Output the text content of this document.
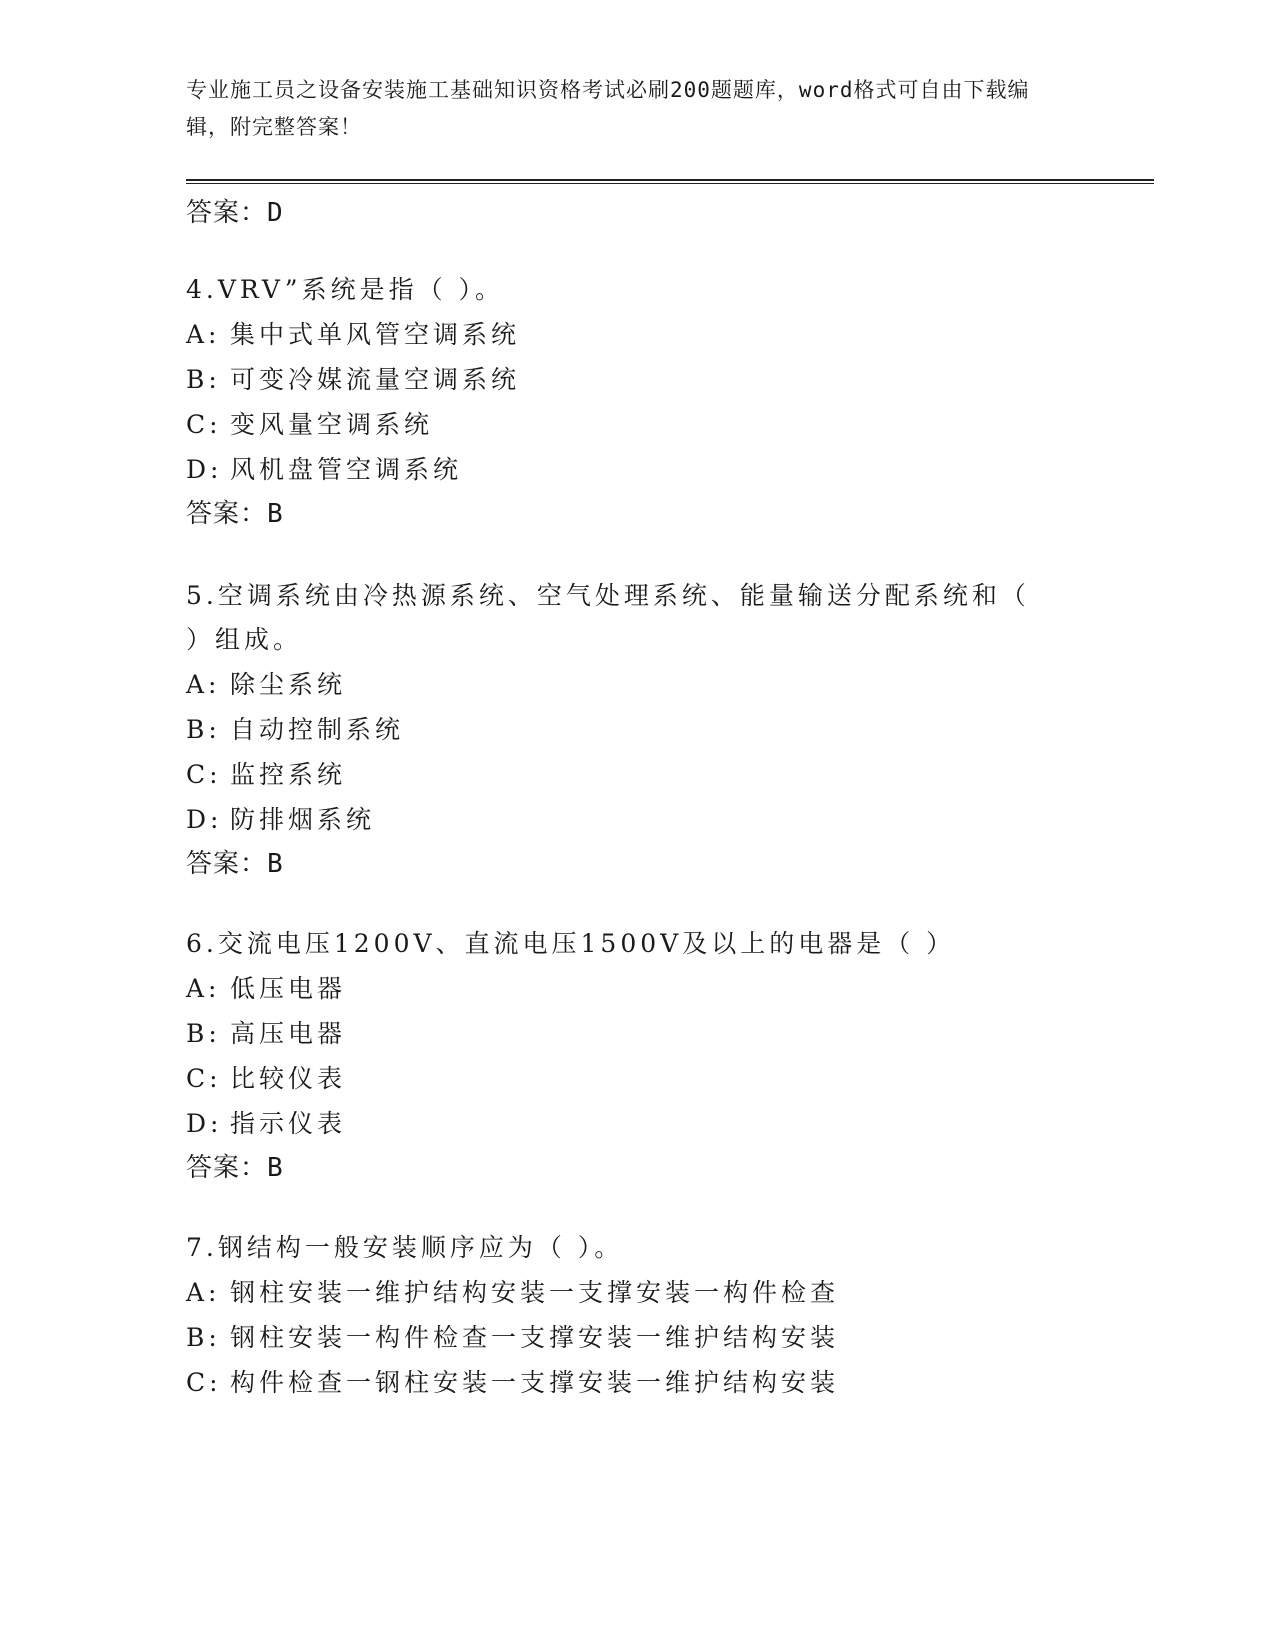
专业施工员之设备安装施工基础知识资格考试必刷200题题库，word格式可自由下载编辑，附完整答案！
答案：D
4.VRV”系统是指（ ）。
A: 集中式单风管空调系统
B: 可变冷媒流量空调系统
C: 变风量空调系统
D: 风机盘管空调系统
答案：B
5.空调系统由冷热源系统、空气处理系统、能量输送分配系统和（ ）组成。
A: 除尘系统
B: 自动控制系统
C: 监控系统
D: 防排烟系统
答案：B
6.交流电压1200V、直流电压1500V及以上的电器是（ ）
A: 低压电器
B: 高压电器
C: 比较仪表
D: 指示仪表
答案：B
7.钢结构一般安装顺序应为（ ）。
A: 钢柱安装一维护结构安装一支撑安装一构件检查
B: 钢柱安装一构件检查一支撑安装一维护结构安装
C: 构件检查一钢柱安装一支撑安装一维护结构安装
